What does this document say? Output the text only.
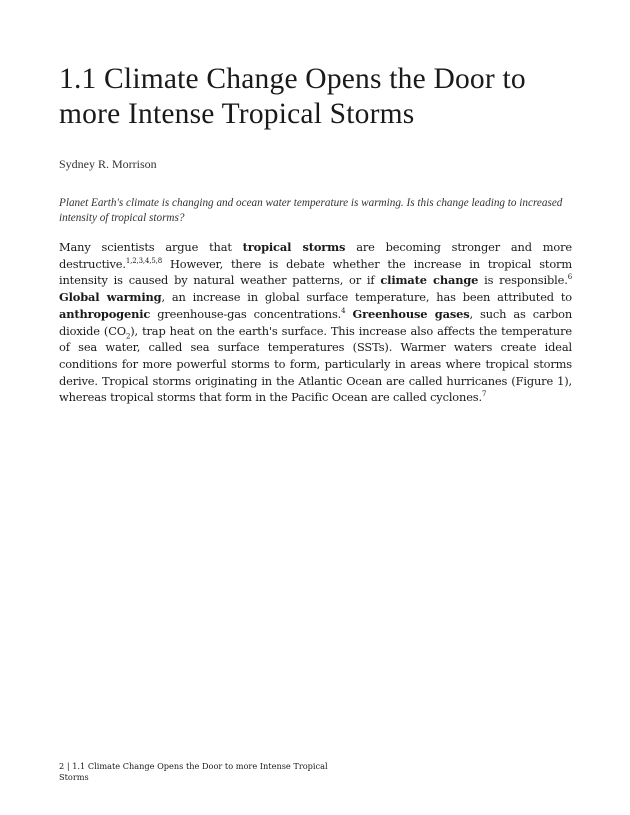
1.1 Climate Change Opens the Door to more Intense Tropical Storms
Sydney R. Morrison

Planet Earth's climate is changing and ocean water temperature is warming. Is this change leading to increased intensity of tropical storms?

Many scientists argue that tropical storms are becoming stronger and more destructive.$^{1,2,3,4,5,8}$ However, there is debate whether the increase in tropical storm intensity is caused by natural weather patterns, or if climate change is responsible.$^6$ Global warming, an increase in global surface temperature, has been attributed to anthropogenic greenhouse-gas concentrations.$^4$ Greenhouse gases, such as carbon dioxide $(CO_2)$, trap heat on the earth's surface. This increase also affects the temperature of sea water, called sea surface temperatures (SSTs). Warmer waters create ideal conditions for more powerful storms to form, particularly in areas where tropical storms derive. Tropical storms originating in the Atlantic Ocean are called hurricanes (Figure 1), whereas tropical storms that form in the Pacific Ocean are called cyclones.$^7$

2 | 1.1 Climate Change Opens the Door to more Intense Tropical Storms
